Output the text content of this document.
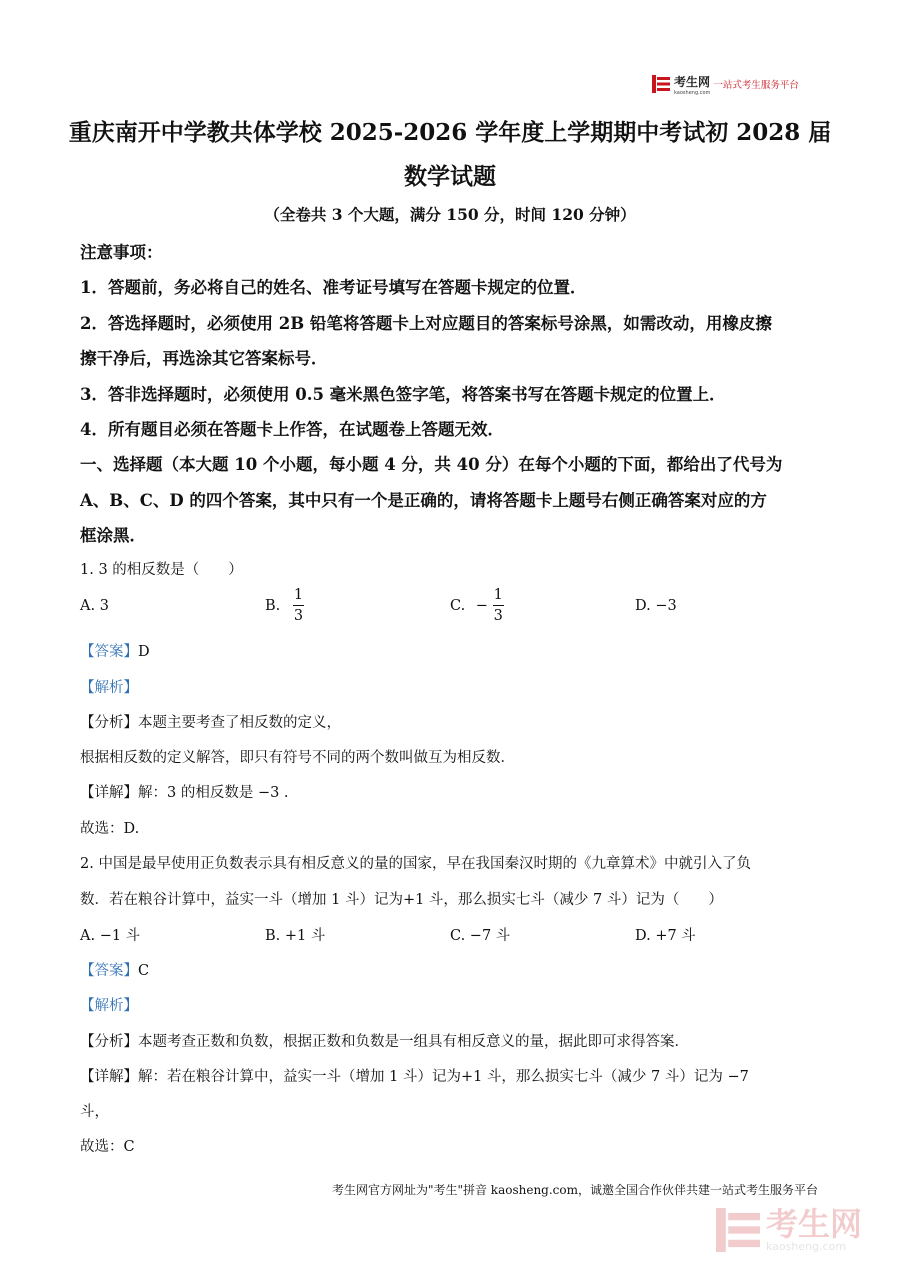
考生网
kaosheng.com
一站式考生服务平台
重庆南开中学教共体学校 2025-2026 学年度上学期期中考试初 2028 届
数学试题
（全卷共 3 个大题，满分 150 分，时间 120 分钟）
注意事项：
1．答题前，务必将自己的姓名、准考证号填写在答题卡规定的位置．
2．答选择题时，必须使用 2B 铅笔将答题卡上对应题目的答案标号涂黑，如需改动，用橡皮擦
擦干净后，再选涂其它答案标号．
3．答非选择题时，必须使用 0.5 毫米黑色签字笔，将答案书写在答题卡规定的位置上．
4．所有题目必须在答题卡上作答，在试题卷上答题无效．
一、选择题（本大题 10 个小题，每小题 4 分，共 40 分）在每个小题的下面，都给出了代号为
A、B、C、D 的四个答案，其中只有一个是正确的，请将答题卡上题号右侧正确答案对应的方
框涂黑．
1. 3 的相反数是（　　）
A. 3	B. $\frac{1}{3}$	C. − $\frac{1}{3}$	D. −3
【答案】D
【解析】
【分析】本题主要考查了相反数的定义，
根据相反数的定义解答，即只有符号不同的两个数叫做互为相反数．
【详解】解：3 的相反数是 −3 .
故选：D.
2. 中国是最早使用正负数表示具有相反意义的量的国家，早在我国秦汉时期的《九章算术》中就引入了负
数．若在粮谷计算中，益实一斗（增加 1 斗）记为+1 斗，那么损实七斗（减少 7 斗）记为（　　）
A. −1 斗	B. +1 斗	C. −7 斗	D. +7 斗
【答案】C
【解析】
【分析】本题考查正数和负数，根据正数和负数是一组具有相反意义的量，据此即可求得答案．
【详解】解：若在粮谷计算中，益实一斗（增加 1 斗）记为+1 斗，那么损实七斗（减少 7 斗）记为 −7
斗，
故选：C
考生网官方网址为"考生"拼音 kaosheng.com，诚邀全国合作伙伴共建一站式考生服务平台
考生网
kaosheng.com
